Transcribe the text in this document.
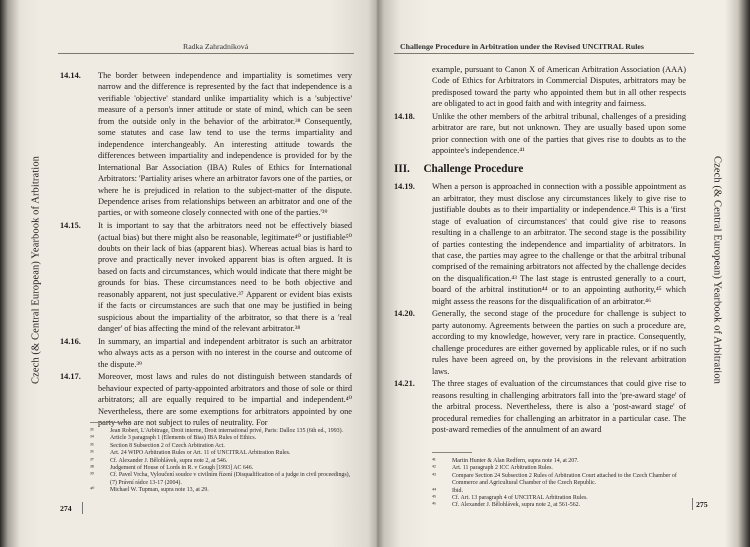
Czech (& Central European) Yearbook of Arbitration
Radka Zahradníková
14.14.	The border between independence and impartiality is sometimes very narrow and the difference is represented by the fact that independence is a verifiable 'objective' standard unlike impartiality which is a 'subjective' measure of a person's inner attitude or state of mind, which can be seen from the outside only in the behavior of the arbitrator.³⁸ Consequently, some statutes and case law tend to use the terms impartiality and independence interchangeably. An interesting attitude towards the differences between impartiality and independence is provided for by the International Bar Association (IBA) Rules of Ethics for International Arbitrators: 'Partiality arises where an arbitrator favors one of the parties, or where he is prejudiced in relation to the subject-matter of the dispute. Dependence arises from relationships between an arbitrator and one of the parties, or with someone closely connected with one of the parties.'³⁹
14.15.	It is important to say that the arbitrators need not be effectively biased (actual bias) but there might also be reasonable, legitimate⁴⁰ or justifiable⁵⁰ doubts on their lack of bias (apparent bias). Whereas actual bias is hard to prove and practically never invoked apparent bias is often argued. It is based on facts and circumstances, which would indicate that there might be grounds for bias. These circumstances need to be both objective and reasonably apparent, not just speculative.³⁷ Apparent or evident bias exists if the facts or circumstances are such that one may be justified in being suspicious about the impartiality of the arbitrator, so that there is a 'real danger' of bias affecting the mind of the relevant arbitrator.³⁸
14.16.	In summary, an impartial and independent arbitrator is such an arbitrator who always acts as a person with no interest in the course and outcome of the dispute.³⁹
14.17.	Moreover, most laws and rules do not distinguish between standards of behaviour expected of party-appointed arbitrators and those of sole or third arbitrators; all are equally required to be impartial and independent.⁴⁰ Nevertheless, there are some exemptions for arbitrators appointed by one party who are not subject to rules of neutrality. For
³³	Jean Robert, L'Arbitrage, Droit interne, Droit international privé, Paris: Dalloz 135 (6th ed., 1993).
³⁴	Article 3 paragraph 1 (Elements of Bias) IBA Rules of Ethics.
³⁵	Section 8 Subsection 2 of Czech Arbitration Act.
³⁶	Art. 24 WIPO Arbitration Rules or Art. 11 of UNCITRAL Arbitration Rules.
³⁷	Cf. Alexander J. Bělohlávek, supra note 2, at 546.
³⁸	Judgement of House of Lords in R. v Gough [1993] AC 646.
³⁹	Cf. Pavel Vrcha, Vyloučení soudce v civilním řízení (Disqualification of a judge in civil proceedings), (7) Právní rádce 13-17 (2004).
⁴⁰	Michael W. Tupman, supra note 13, at 29.
274
Challenge Procedure in Arbitration under the Revised UNCITRAL Rules
Czech (& Central European) Yearbook of Arbitration
example, pursuant to Canon X of American Arbitration Association (AAA) Code of Ethics for Arbitrators in Commercial Disputes, arbitrators may be predisposed toward the party who appointed them but in all other respects are obligated to act in good faith and with integrity and fairness.
14.18.	Unlike the other members of the arbitral tribunal, challenges of a presiding arbitrator are rare, but not unknown. They are usually based upon some prior connection with one of the parties that gives rise to doubts as to the appointee's independence.⁴¹
III. Challenge Procedure
14.19.	When a person is approached in connection with a possible appointment as an arbitrator, they must disclose any circumstances likely to give rise to justifiable doubts as to their impartiality or independence.⁴² This is a 'first stage of evaluation of circumstances' that could give rise to reasons resulting in a challenge to an arbitrator. The second stage is the possibility of parties contesting the independence and impartiality of arbitrators. In that case, the parties may agree to the challenge or that the arbitral tribunal comprised of the remaining arbitrators not affected by the challenge decides on the disqualification.⁴³ The last stage is entrusted generally to a court, board of the arbitral institution⁴⁴ or to an appointing authority,⁴⁵ which might assess the reasons for the disqualification of an arbitrator.⁴⁶
14.20.	Generally, the second stage of the procedure for challenge is subject to party autonomy. Agreements between the parties on such a procedure are, according to my knowledge, however, very rare in practice. Consequently, challenge procedures are either governed by applicable rules, or if no such rules have been agreed on, by the provisions in the relevant arbitration laws.
14.21.	The three stages of evaluation of the circumstances that could give rise to reasons resulting in challenging arbitrators fall into the 'pre-award stage' of the arbitral process. Nevertheless, there is also a 'post-award stage' of procedural remedies for challenging an arbitrator in a particular case. The post-award remedies of the annulment of an award
⁴¹	Martin Hunter & Alan Redfern, supra note 14, at 207.
⁴²	Art. 11 paragraph 2 ICC Arbitration Rules.
⁴³	Compare Section 24 Subsection 2 Rules of Arbitration Court attached to the Czech Chamber of Commerce and Agricultural Chamber of the Czech Republic.
⁴⁴	Ibid.
⁴⁵	Cf. Art. 13 paragraph 4 of UNCITRAL Arbitration Rules.
⁴⁶	Cf. Alexander J. Bělohlávek, supra note 2, at 561-562.	275
